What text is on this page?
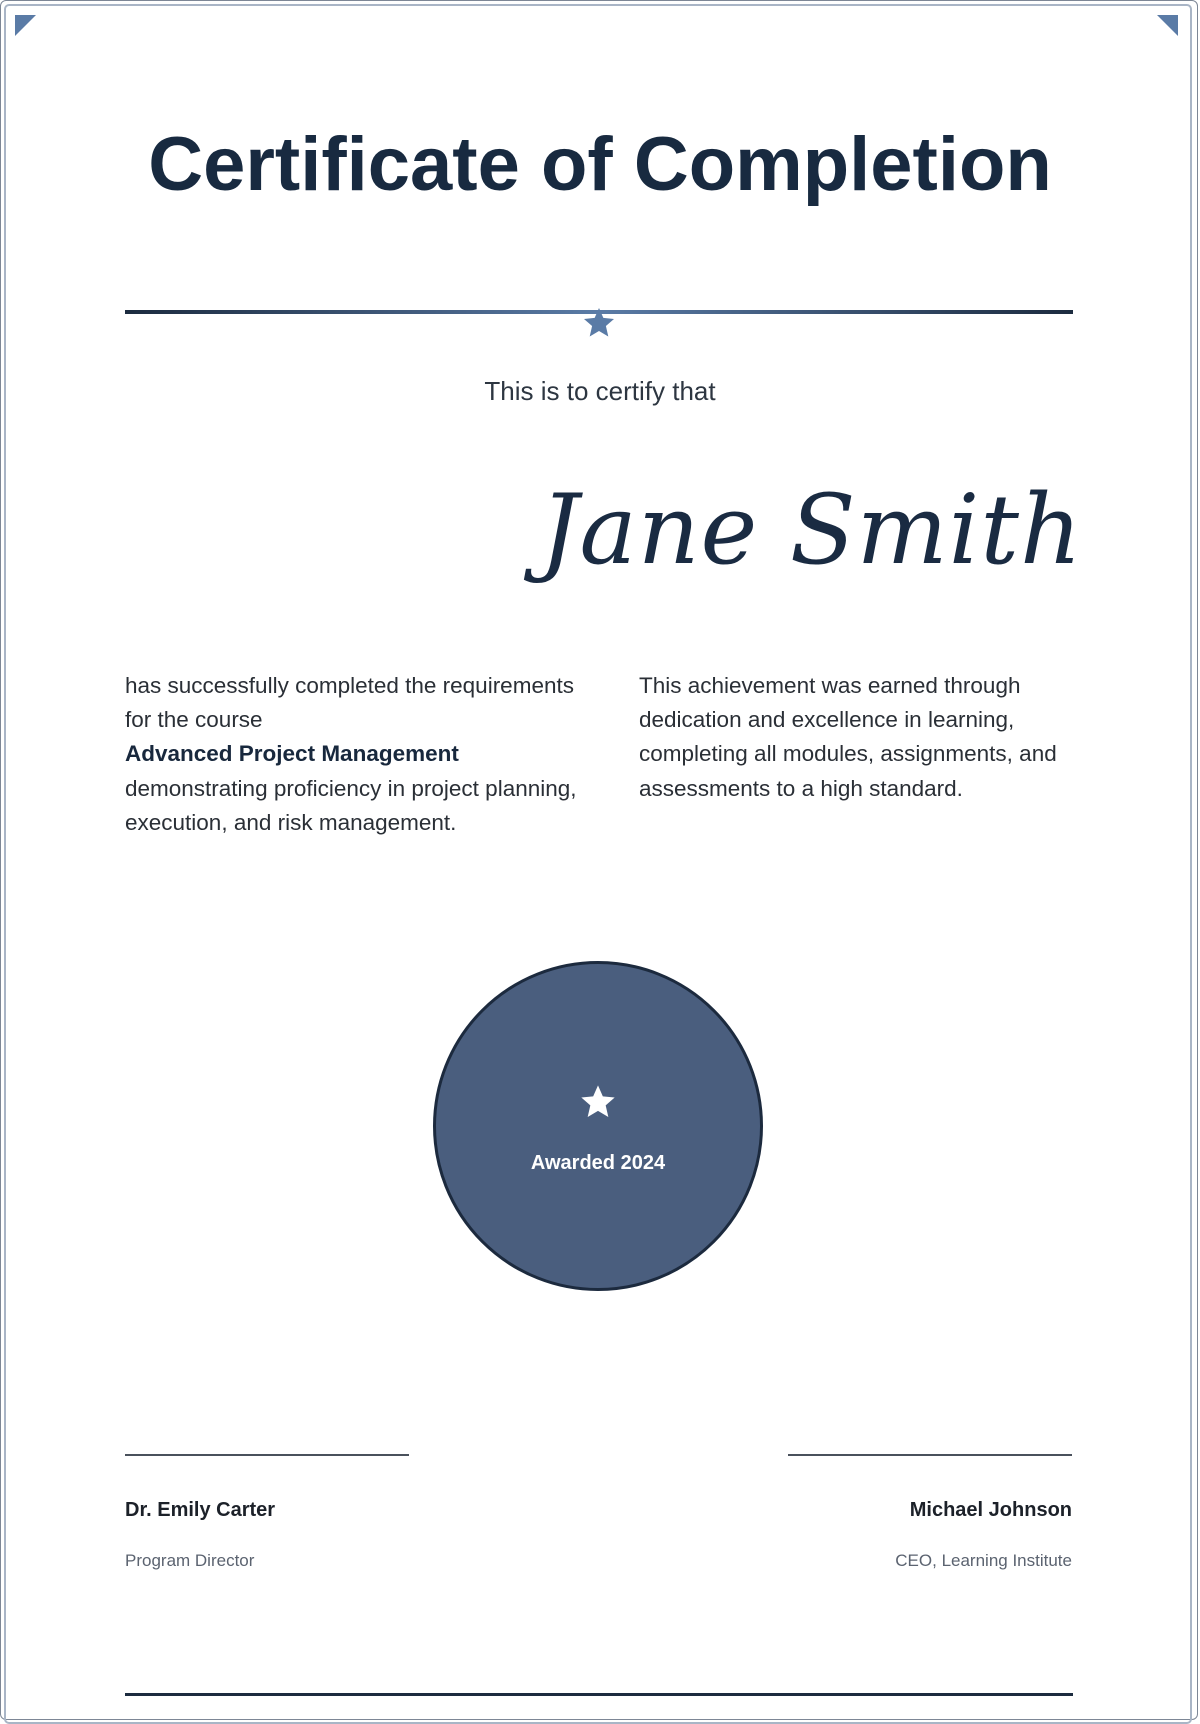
Certificate of Completion
This is to certify that
Jane Smith

has successfully completed the requirements for the course
Advanced Project Management
demonstrating proficiency in project planning, execution, and risk management.

This achievement was earned through dedication and excellence in learning, completing all modules, assignments, and assessments to a high standard.

Awarded 2024
Dr. Emily Carter
Program Director
Michael Johnson
CEO, Learning Institute
